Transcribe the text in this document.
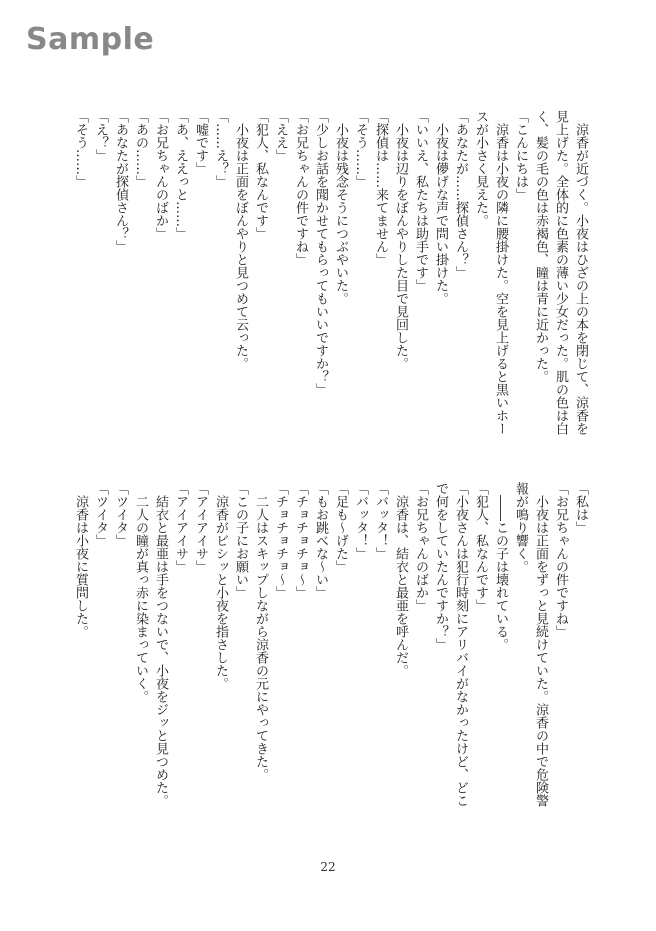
Sample
　涼香が近づく。小夜はひざの上の本を閉じて、涼香を
見上げた。全体的に色素の薄い少女だった。肌の色は白
く、髪の毛の色は赤褐色、瞳は青に近かった。
「こんにちは」
　涼香は小夜の隣に腰掛けた。空を見上げると黒いホー
スが小さく見えた。
「あなたが……探偵さん？」
　小夜は儚げな声で問い掛けた。
「いいえ、私たちは助手です」
　小夜は辺りをぼんやりした目で見回した。
「探偵は……来てません」
「そう……」
　小夜は残念そうにつぶやいた。
「少しお話を聞かせてもらってもいいですか？」
「お兄ちゃんの件ですね」
「ええ」
「犯人、私なんです」
　小夜は正面をぼんやりと見つめて云った。
「……え？」
「嘘です」
「あ、ええっと……」
「お兄ちゃんのばか」
「あの……」
「あなたが探偵さん？」
「え？」
「そう……」
「私は」
「お兄ちゃんの件ですね」
　小夜は正面をずっと見続けていた。涼香の中で危険警
報が鳴り響く。
　――この子は壊れている。
「犯人、私なんです」
「小夜さんは犯行時刻にアリバイがなかったけど、どこ
で何をしていたんですか？」
「お兄ちゃんのばか」
　涼香は、結衣と最亜を呼んだ。
「バッタ！」
「バッタ！」
「足も～げた」
「もお跳べな～い」
「チョチョチョ～」
「チョチョチョ～」
　二人はスキップしながら涼香の元にやってきた。
「この子にお願い」
　涼香がビシッと小夜を指さした。
「アイアイサ」
「アイアイサ」
　結衣と最亜は手をつないで、小夜をジッと見つめた。
　二人の瞳が真っ赤に染まっていく。
「ツイタ」
「ツイタ」
　涼香は小夜に質問した。
22
